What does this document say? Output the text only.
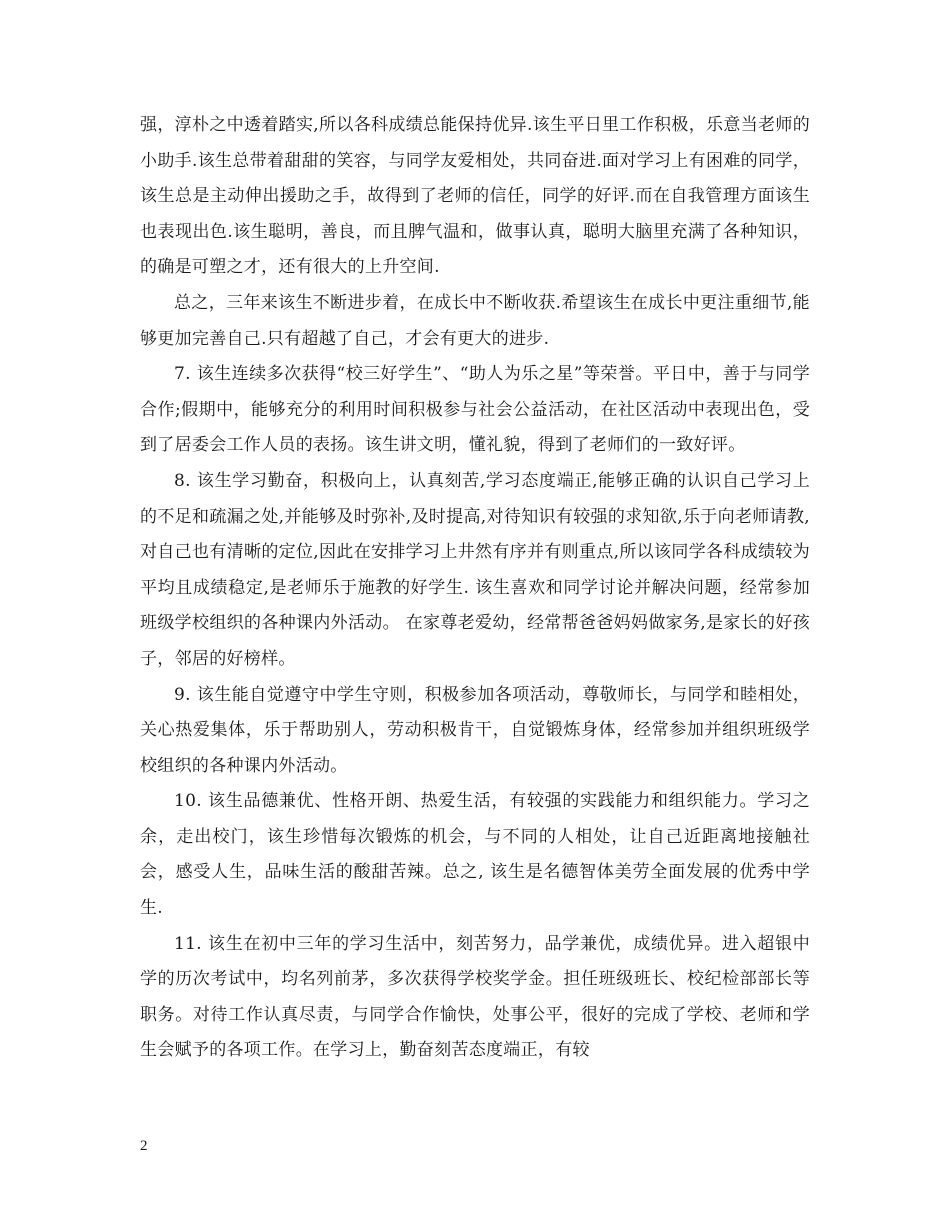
强，淳朴之中透着踏实,所以各科成绩总能保持优异.该生平日里工作积极，乐意当老师的小助手.该生总带着甜甜的笑容，与同学友爱相处，共同奋进.面对学习上有困难的同学，该生总是主动伸出援助之手，故得到了老师的信任，同学的好评.而在自我管理方面该生也表现出色.该生聪明，善良，而且脾气温和，做事认真，聪明大脑里充满了各种知识，的确是可塑之才，还有很大的上升空间.

总之，三年来该生不断进步着，在成长中不断收获.希望该生在成长中更注重细节,能够更加完善自己.只有超越了自己，才会有更大的进步.

7. 该生连续多次获得“校三好学生”、“助人为乐之星”等荣誉。平日中，善于与同学合作;假期中，能够充分的利用时间积极参与社会公益活动，在社区活动中表现出色，受到了居委会工作人员的表扬。该生讲文明，懂礼貌，得到了老师们的一致好评。

8. 该生学习勤奋，积极向上，认真刻苦,学习态度端正,能够正确的认识自己学习上的不足和疏漏之处,并能够及时弥补,及时提高,对待知识有较强的求知欲,乐于向老师请教,对自己也有清晰的定位,因此在安排学习上井然有序并有则重点,所以该同学各科成绩较为平均且成绩稳定,是老师乐于施教的好学生. 该生喜欢和同学讨论并解决问题，经常参加班级学校组织的各种课内外活动。 在家尊老爱幼，经常帮爸爸妈妈做家务,是家长的好孩子，邻居的好榜样。

9. 该生能自觉遵守中学生守则，积极参加各项活动，尊敬师长，与同学和睦相处，关心热爱集体，乐于帮助别人，劳动积极肯干，自觉锻炼身体，经常参加并组织班级学校组织的各种课内外活动。

10. 该生品德兼优、性格开朗、热爱生活，有较强的实践能力和组织能力。学习之余，走出校门，该生珍惜每次锻炼的机会，与不同的人相处，让自己近距离地接触社会，感受人生，品味生活的酸甜苦辣。总之, 该生是名德智体美劳全面发展的优秀中学生.

11. 该生在初中三年的学习生活中，刻苦努力，品学兼优，成绩优异。进入超银中学的历次考试中，均名列前茅，多次获得学校奖学金。担任班级班长、校纪检部部长等职务。对待工作认真尽责，与同学合作愉快，处事公平，很好的完成了学校、老师和学生会赋予的各项工作。在学习上，勤奋刻苦态度端正，有较

2
